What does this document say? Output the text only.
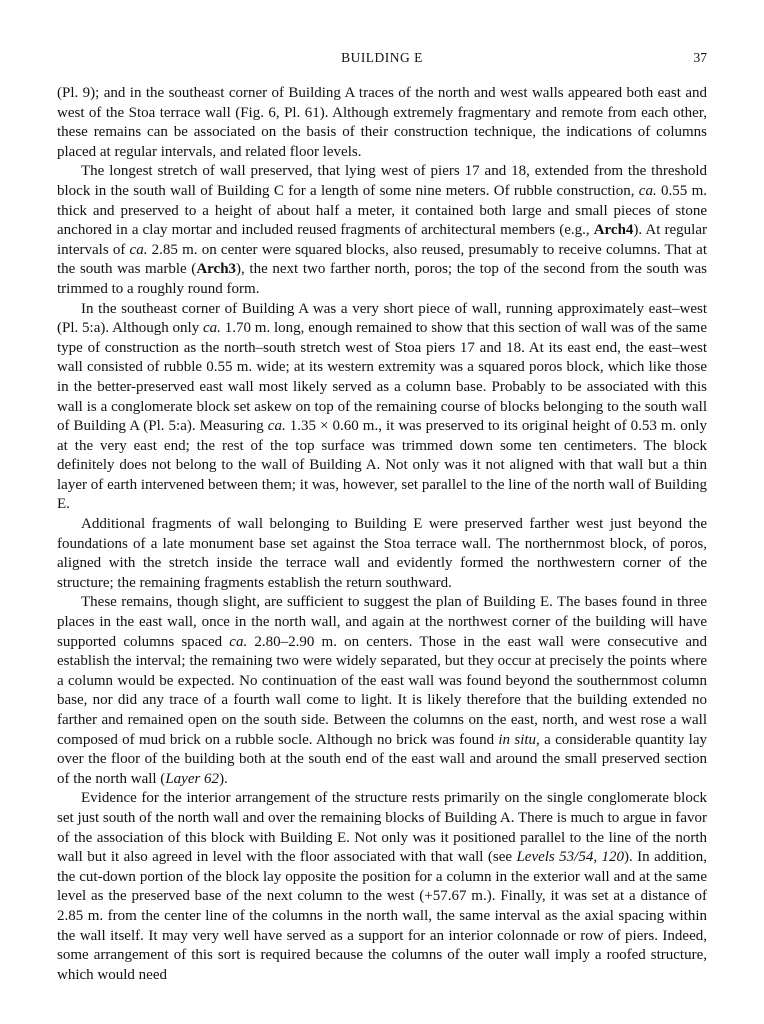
BUILDING E	37

(Pl. 9); and in the southeast corner of Building A traces of the north and west walls appeared both east and west of the Stoa terrace wall (Fig. 6, Pl. 61). Although extremely fragmentary and remote from each other, these remains can be associated on the basis of their construction technique, the indications of columns placed at regular intervals, and related floor levels.

The longest stretch of wall preserved, that lying west of piers 17 and 18, extended from the threshold block in the south wall of Building C for a length of some nine meters. Of rubble construction, ca. 0.55 m. thick and preserved to a height of about half a meter, it contained both large and small pieces of stone anchored in a clay mortar and included reused fragments of architectural members (e.g., Arch4). At regular intervals of ca. 2.85 m. on center were squared blocks, also reused, presumably to receive columns. That at the south was marble (Arch3), the next two farther north, poros; the top of the second from the south was trimmed to a roughly round form.

In the southeast corner of Building A was a very short piece of wall, running approximately east–west (Pl. 5:a). Although only ca. 1.70 m. long, enough remained to show that this section of wall was of the same type of construction as the north–south stretch west of Stoa piers 17 and 18. At its east end, the east–west wall consisted of rubble 0.55 m. wide; at its western extremity was a squared poros block, which like those in the better-preserved east wall most likely served as a column base. Probably to be associated with this wall is a conglomerate block set askew on top of the remaining course of blocks belonging to the south wall of Building A (Pl. 5:a). Measuring ca. 1.35 × 0.60 m., it was preserved to its original height of 0.53 m. only at the very east end; the rest of the top surface was trimmed down some ten centimeters. The block definitely does not belong to the wall of Building A. Not only was it not aligned with that wall but a thin layer of earth intervened between them; it was, however, set parallel to the line of the north wall of Building E.

Additional fragments of wall belonging to Building E were preserved farther west just beyond the foundations of a late monument base set against the Stoa terrace wall. The northernmost block, of poros, aligned with the stretch inside the terrace wall and evidently formed the northwestern corner of the structure; the remaining fragments establish the return southward.

These remains, though slight, are sufficient to suggest the plan of Building E. The bases found in three places in the east wall, once in the north wall, and again at the northwest corner of the building will have supported columns spaced ca. 2.80–2.90 m. on centers. Those in the east wall were consecutive and establish the interval; the remaining two were widely separated, but they occur at precisely the points where a column would be expected. No continuation of the east wall was found beyond the southernmost column base, nor did any trace of a fourth wall come to light. It is likely therefore that the building extended no farther and remained open on the south side. Between the columns on the east, north, and west rose a wall composed of mud brick on a rubble socle. Although no brick was found in situ, a considerable quantity lay over the floor of the building both at the south end of the east wall and around the small preserved section of the north wall (Layer 62).

Evidence for the interior arrangement of the structure rests primarily on the single conglomerate block set just south of the north wall and over the remaining blocks of Building A. There is much to argue in favor of the association of this block with Building E. Not only was it positioned parallel to the line of the north wall but it also agreed in level with the floor associated with that wall (see Levels 53/54, 120). In addition, the cut-down portion of the block lay opposite the position for a column in the exterior wall and at the same level as the preserved base of the next column to the west (+57.67 m.). Finally, it was set at a distance of 2.85 m. from the center line of the columns in the north wall, the same interval as the axial spacing within the wall itself. It may very well have served as a support for an interior colonnade or row of piers. Indeed, some arrangement of this sort is required because the columns of the outer wall imply a roofed structure, which would need
